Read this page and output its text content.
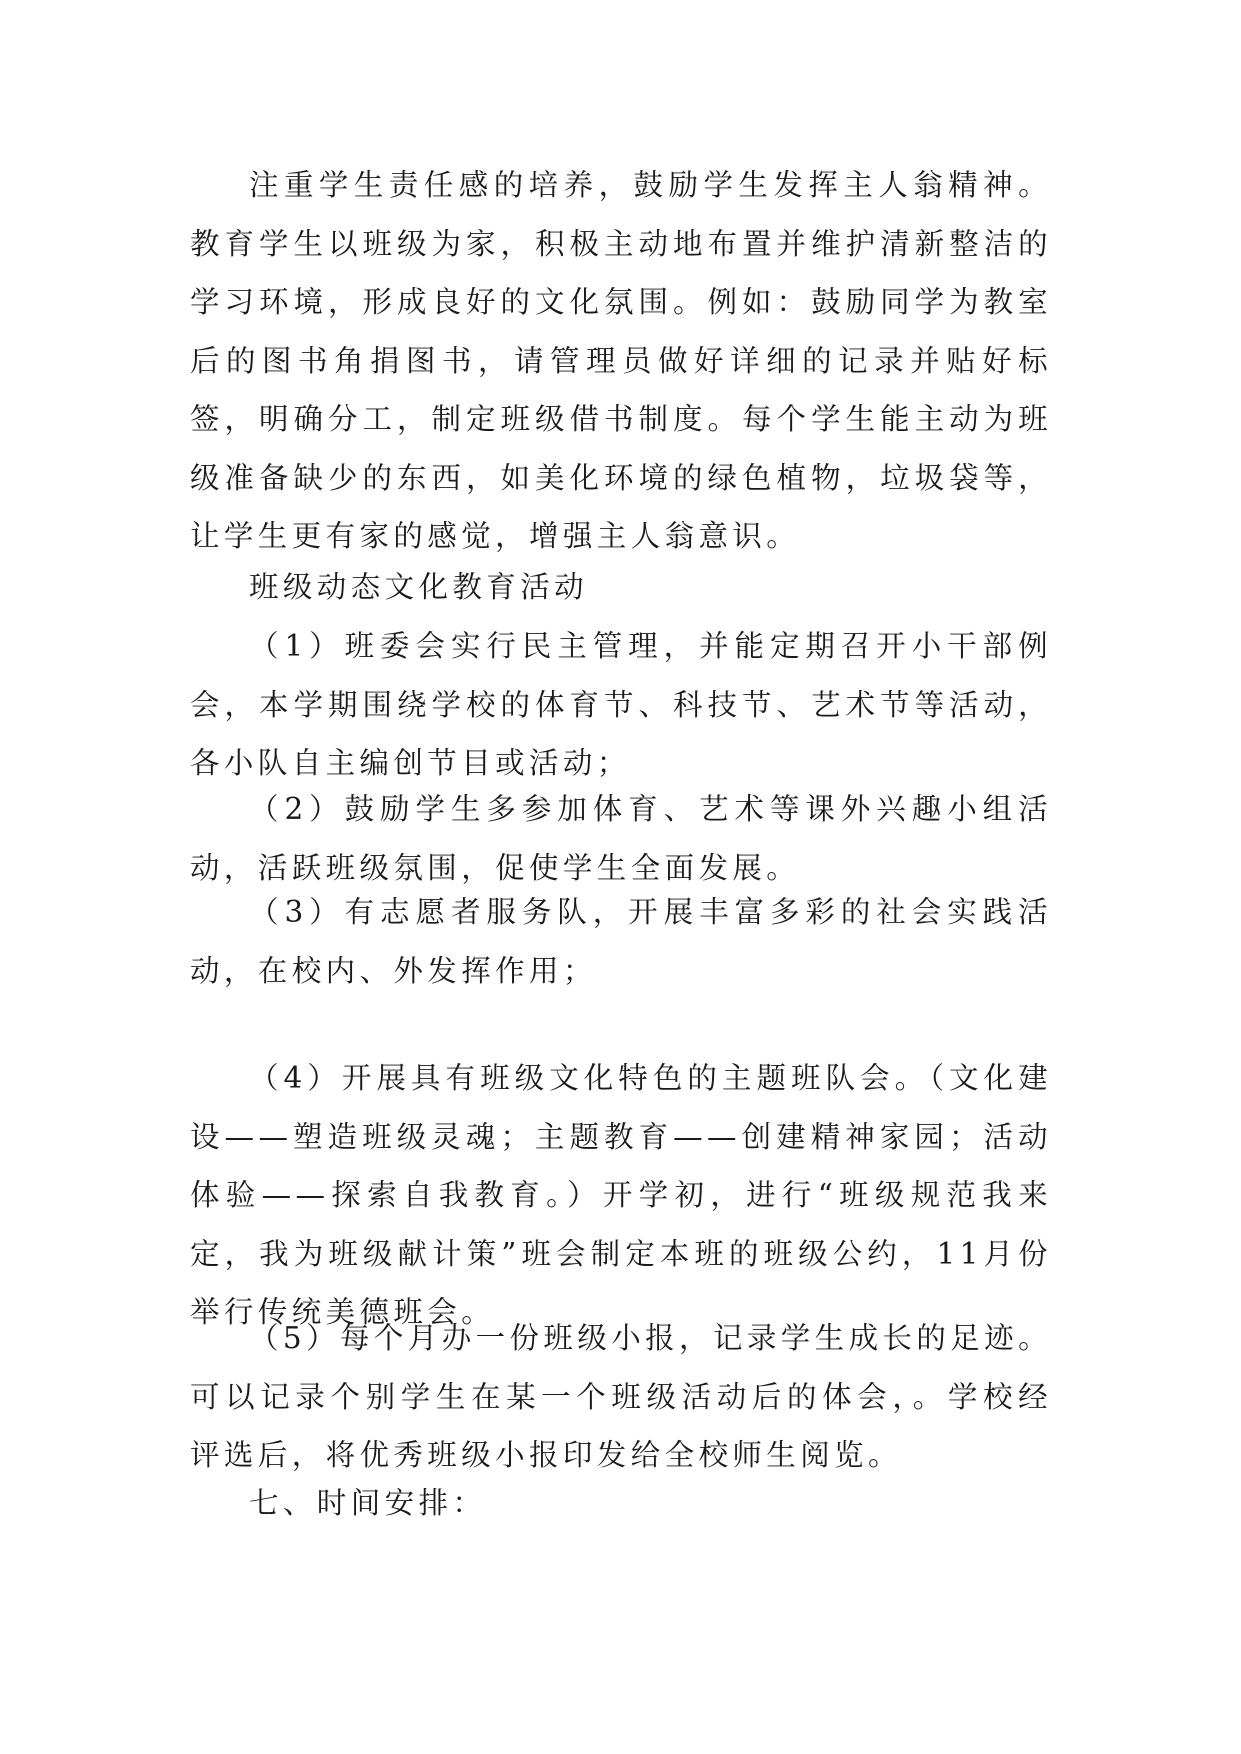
注重学生责任感的培养，鼓励学生发挥主人翁精神。教育学生以班级为家，积极主动地布置并维护清新整洁的学习环境，形成良好的文化氛围。例如：鼓励同学为教室后的图书角捐图书，请管理员做好详细的记录并贴好标签，明确分工，制定班级借书制度。每个学生能主动为班级准备缺少的东西，如美化环境的绿色植物，垃圾袋等，让学生更有家的感觉，增强主人翁意识。

班级动态文化教育活动

（1）班委会实行民主管理，并能定期召开小干部例会，本学期围绕学校的体育节、科技节、艺术节等活动，各小队自主编创节目或活动；

（2）鼓励学生多参加体育、艺术等课外兴趣小组活动，活跃班级氛围，促使学生全面发展。

（3）有志愿者服务队，开展丰富多彩的社会实践活动，在校内、外发挥作用；

（4）开展具有班级文化特色的主题班队会。（文化建设——塑造班级灵魂；主题教育——创建精神家园；活动体验——探索自我教育。）开学初，进行“班级规范我来定，我为班级献计策”班会制定本班的班级公约，11月份举行传统美德班会。

（5）每个月办一份班级小报，记录学生成长的足迹。可以记录个别学生在某一个班级活动后的体会，。学校经评选后，将优秀班级小报印发给全校师生阅览。

七、时间安排：
